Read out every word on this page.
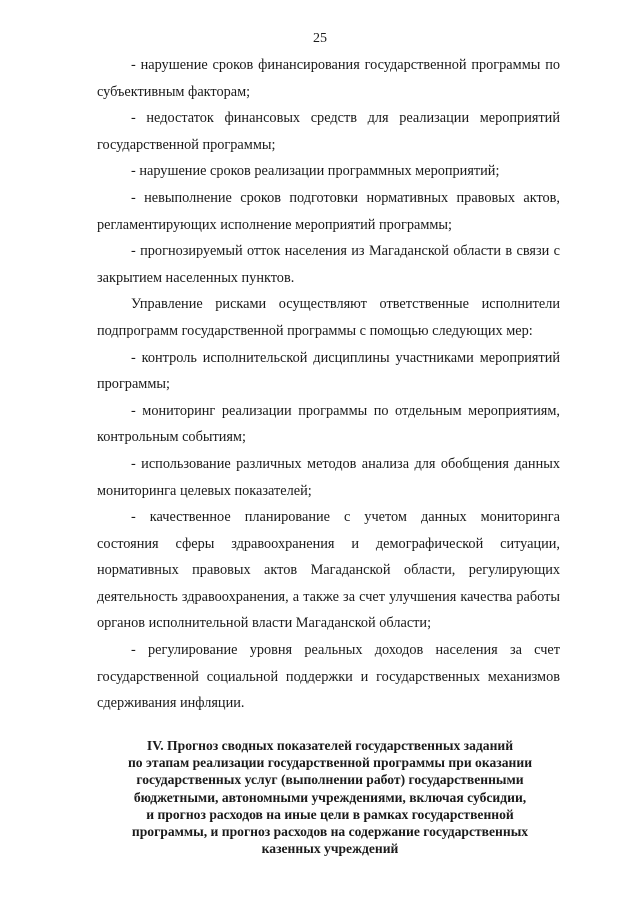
25

- нарушение сроков финансирования государственной программы по субъективным факторам;

- недостаток финансовых средств для реализации мероприятий государственной программы;

- нарушение сроков реализации программных мероприятий;

- невыполнение сроков подготовки нормативных правовых актов, регламентирующих исполнение мероприятий программы;

- прогнозируемый отток населения из Магаданской области в связи с закрытием населенных пунктов.

Управление рисками осуществляют ответственные исполнители подпрограмм государственной программы с помощью следующих мер:

- контроль исполнительской дисциплины участниками мероприятий программы;

- мониторинг реализации программы по отдельным мероприятиям, контрольным событиям;

- использование различных методов анализа для обобщения данных мониторинга целевых показателей;

- качественное планирование с учетом данных мониторинга состояния сферы здравоохранения и демографической ситуации, нормативных правовых актов Магаданской области, регулирующих деятельность здравоохранения, а также за счет улучшения качества работы органов исполнительной власти Магаданской области;

- регулирование уровня реальных доходов населения за счет государственной социальной поддержки и государственных механизмов сдерживания инфляции.

IV. Прогноз сводных показателей государственных заданий
по этапам реализации государственной программы при оказании
государственных услуг (выполнении работ) государственными
бюджетными, автономными учреждениями, включая субсидии,
и прогноз расходов на иные цели в рамках государственной
программы, и прогноз расходов на содержание государственных
казенных учреждений
